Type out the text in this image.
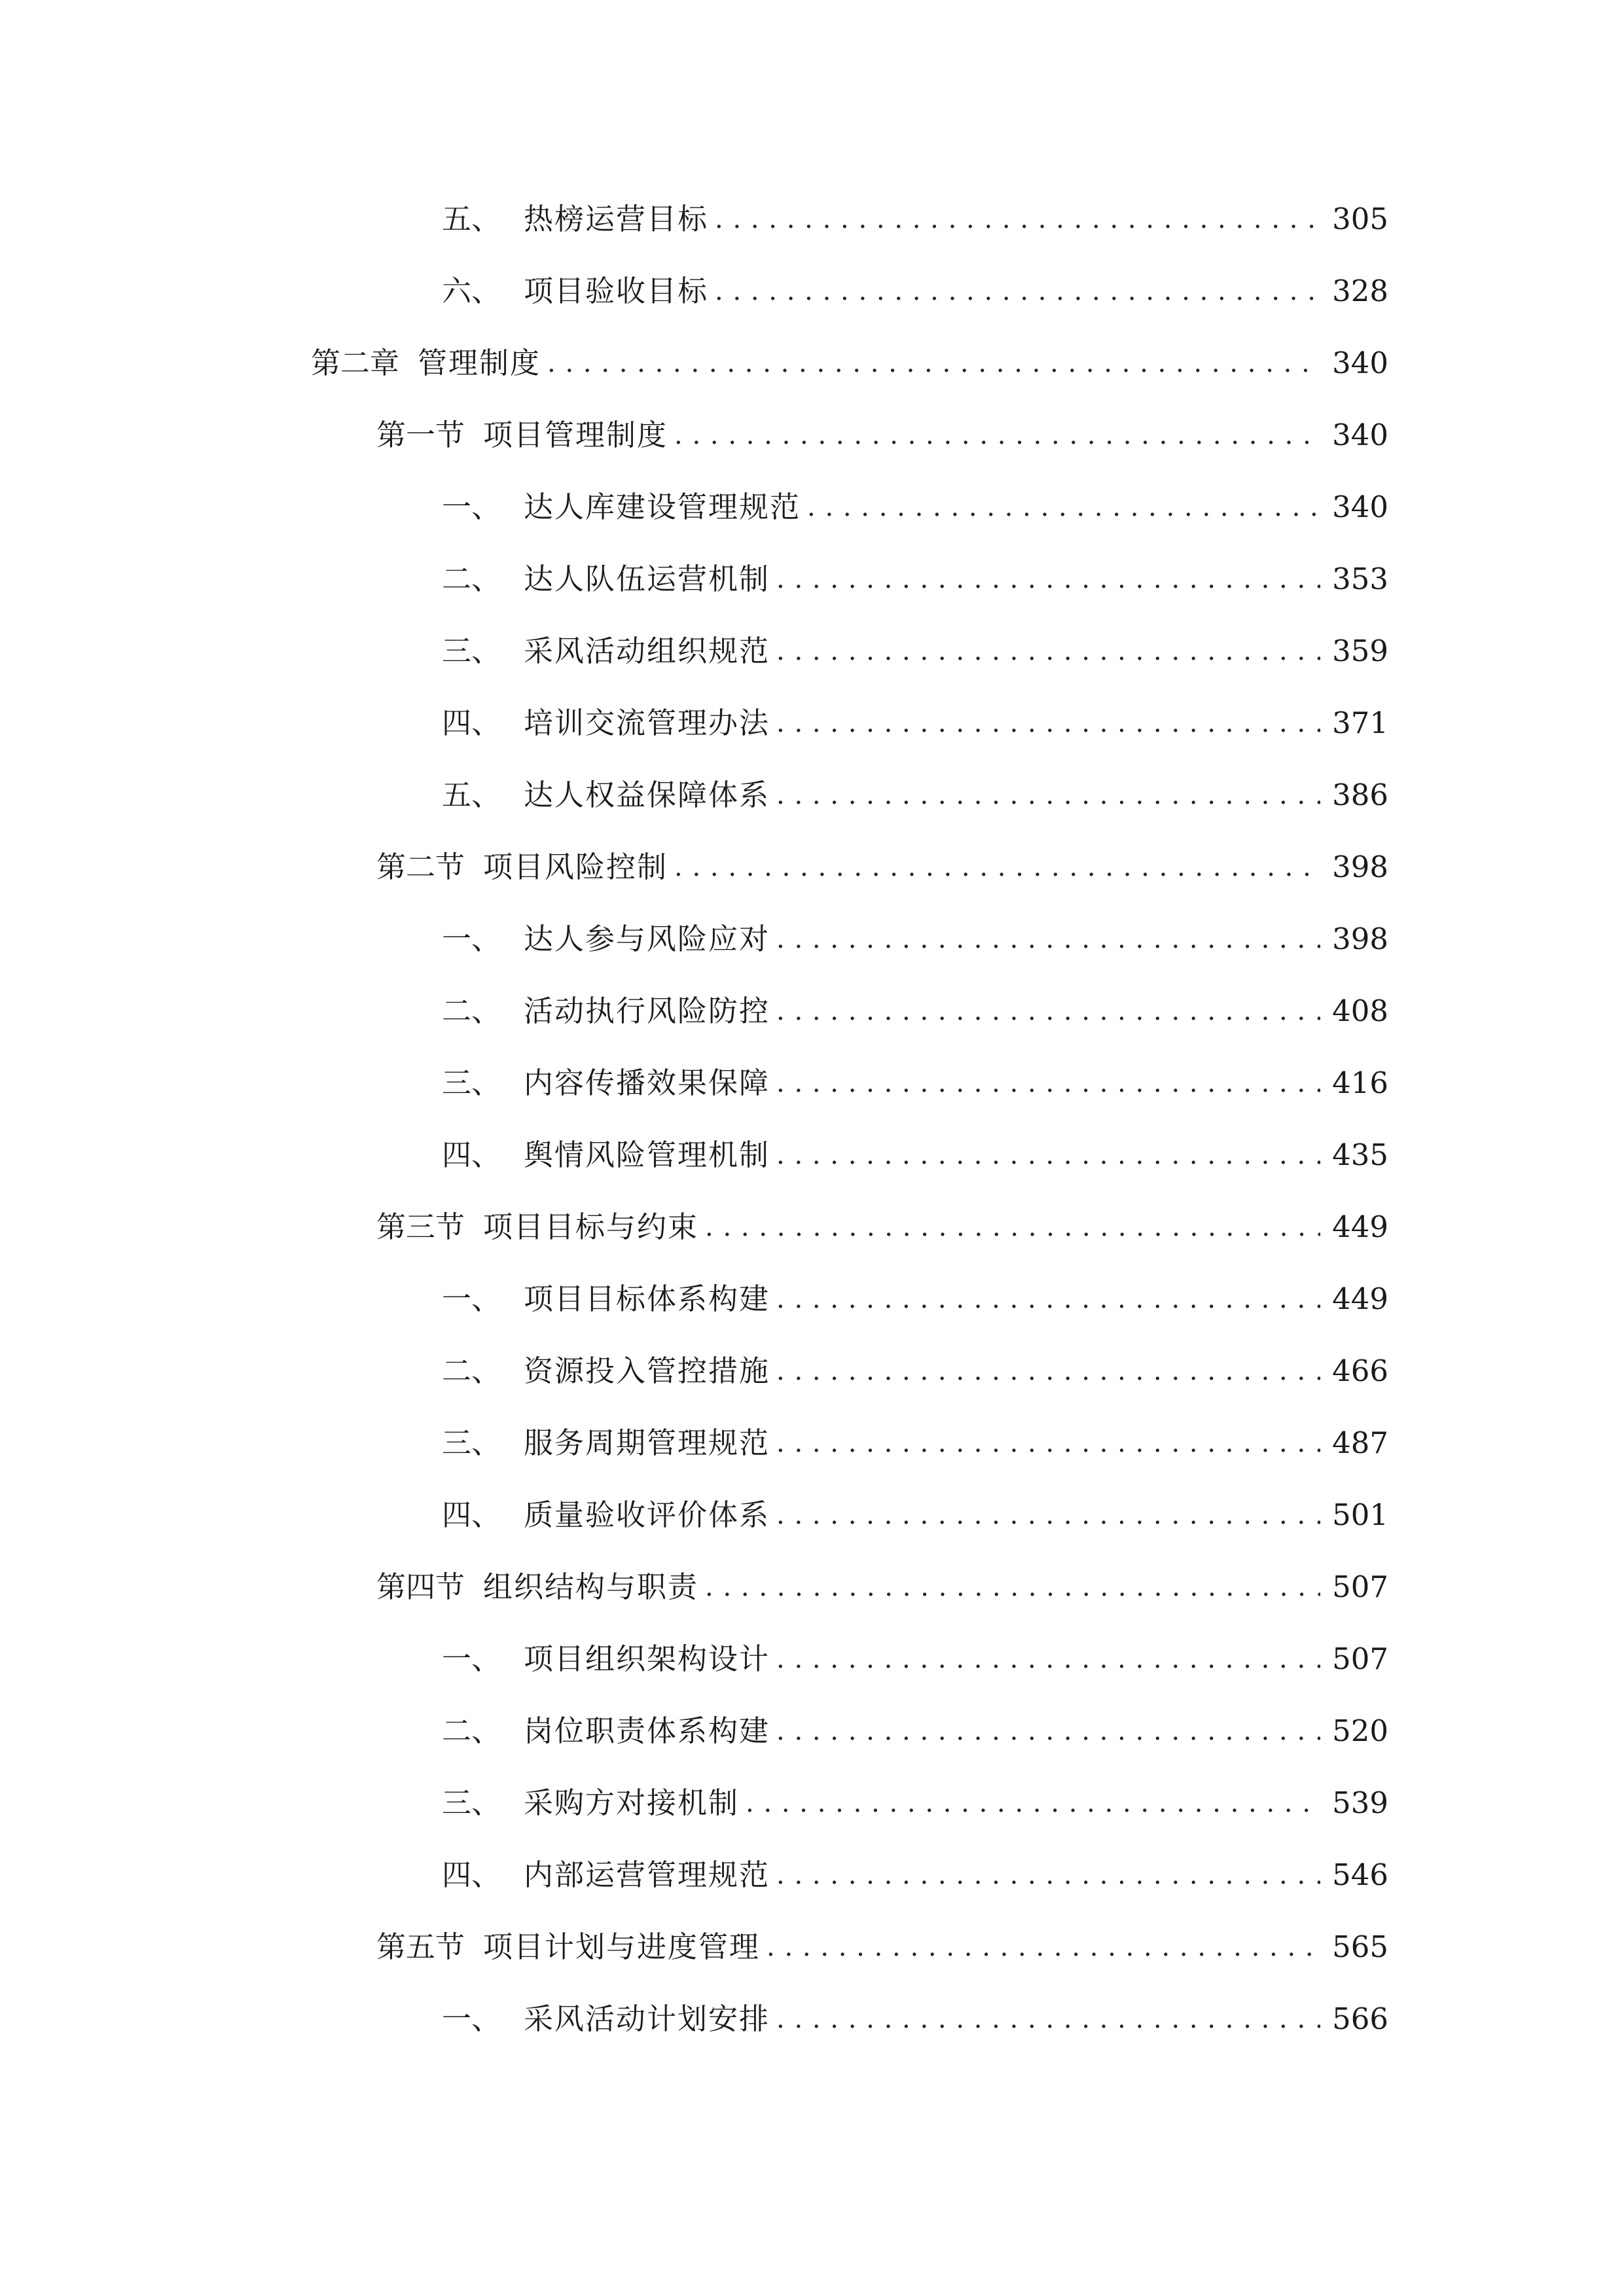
五、 热榜运营目标 . . .	305
六、 项目验收目标 . . .	328
第二章 管理制度 . . .	340
第一节 项目管理制度 . . .	340
一、 达人库建设管理规范 . . .	340
二、 达人队伍运营机制 . . .	353
三、 采风活动组织规范 . . .	359
四、 培训交流管理办法 . . .	371
五、 达人权益保障体系 . . .	386
第二节 项目风险控制 . . .	398
一、 达人参与风险应对 . . .	398
二、 活动执行风险防控 . . .	408
三、 内容传播效果保障 . . .	416
四、 舆情风险管理机制 . . .	435
第三节 项目目标与约束 . . .	449
一、 项目目标体系构建 . . .	449
二、 资源投入管控措施 . . .	466
三、 服务周期管理规范 . . .	487
四、 质量验收评价体系 . . .	501
第四节 组织结构与职责 . . .	507
一、 项目组织架构设计 . . .	507
二、 岗位职责体系构建 . . .	520
三、 采购方对接机制 . . .	539
四、 内部运营管理规范 . . .	546
第五节 项目计划与进度管理 . . .	565
一、 采风活动计划安排 . . .	566
